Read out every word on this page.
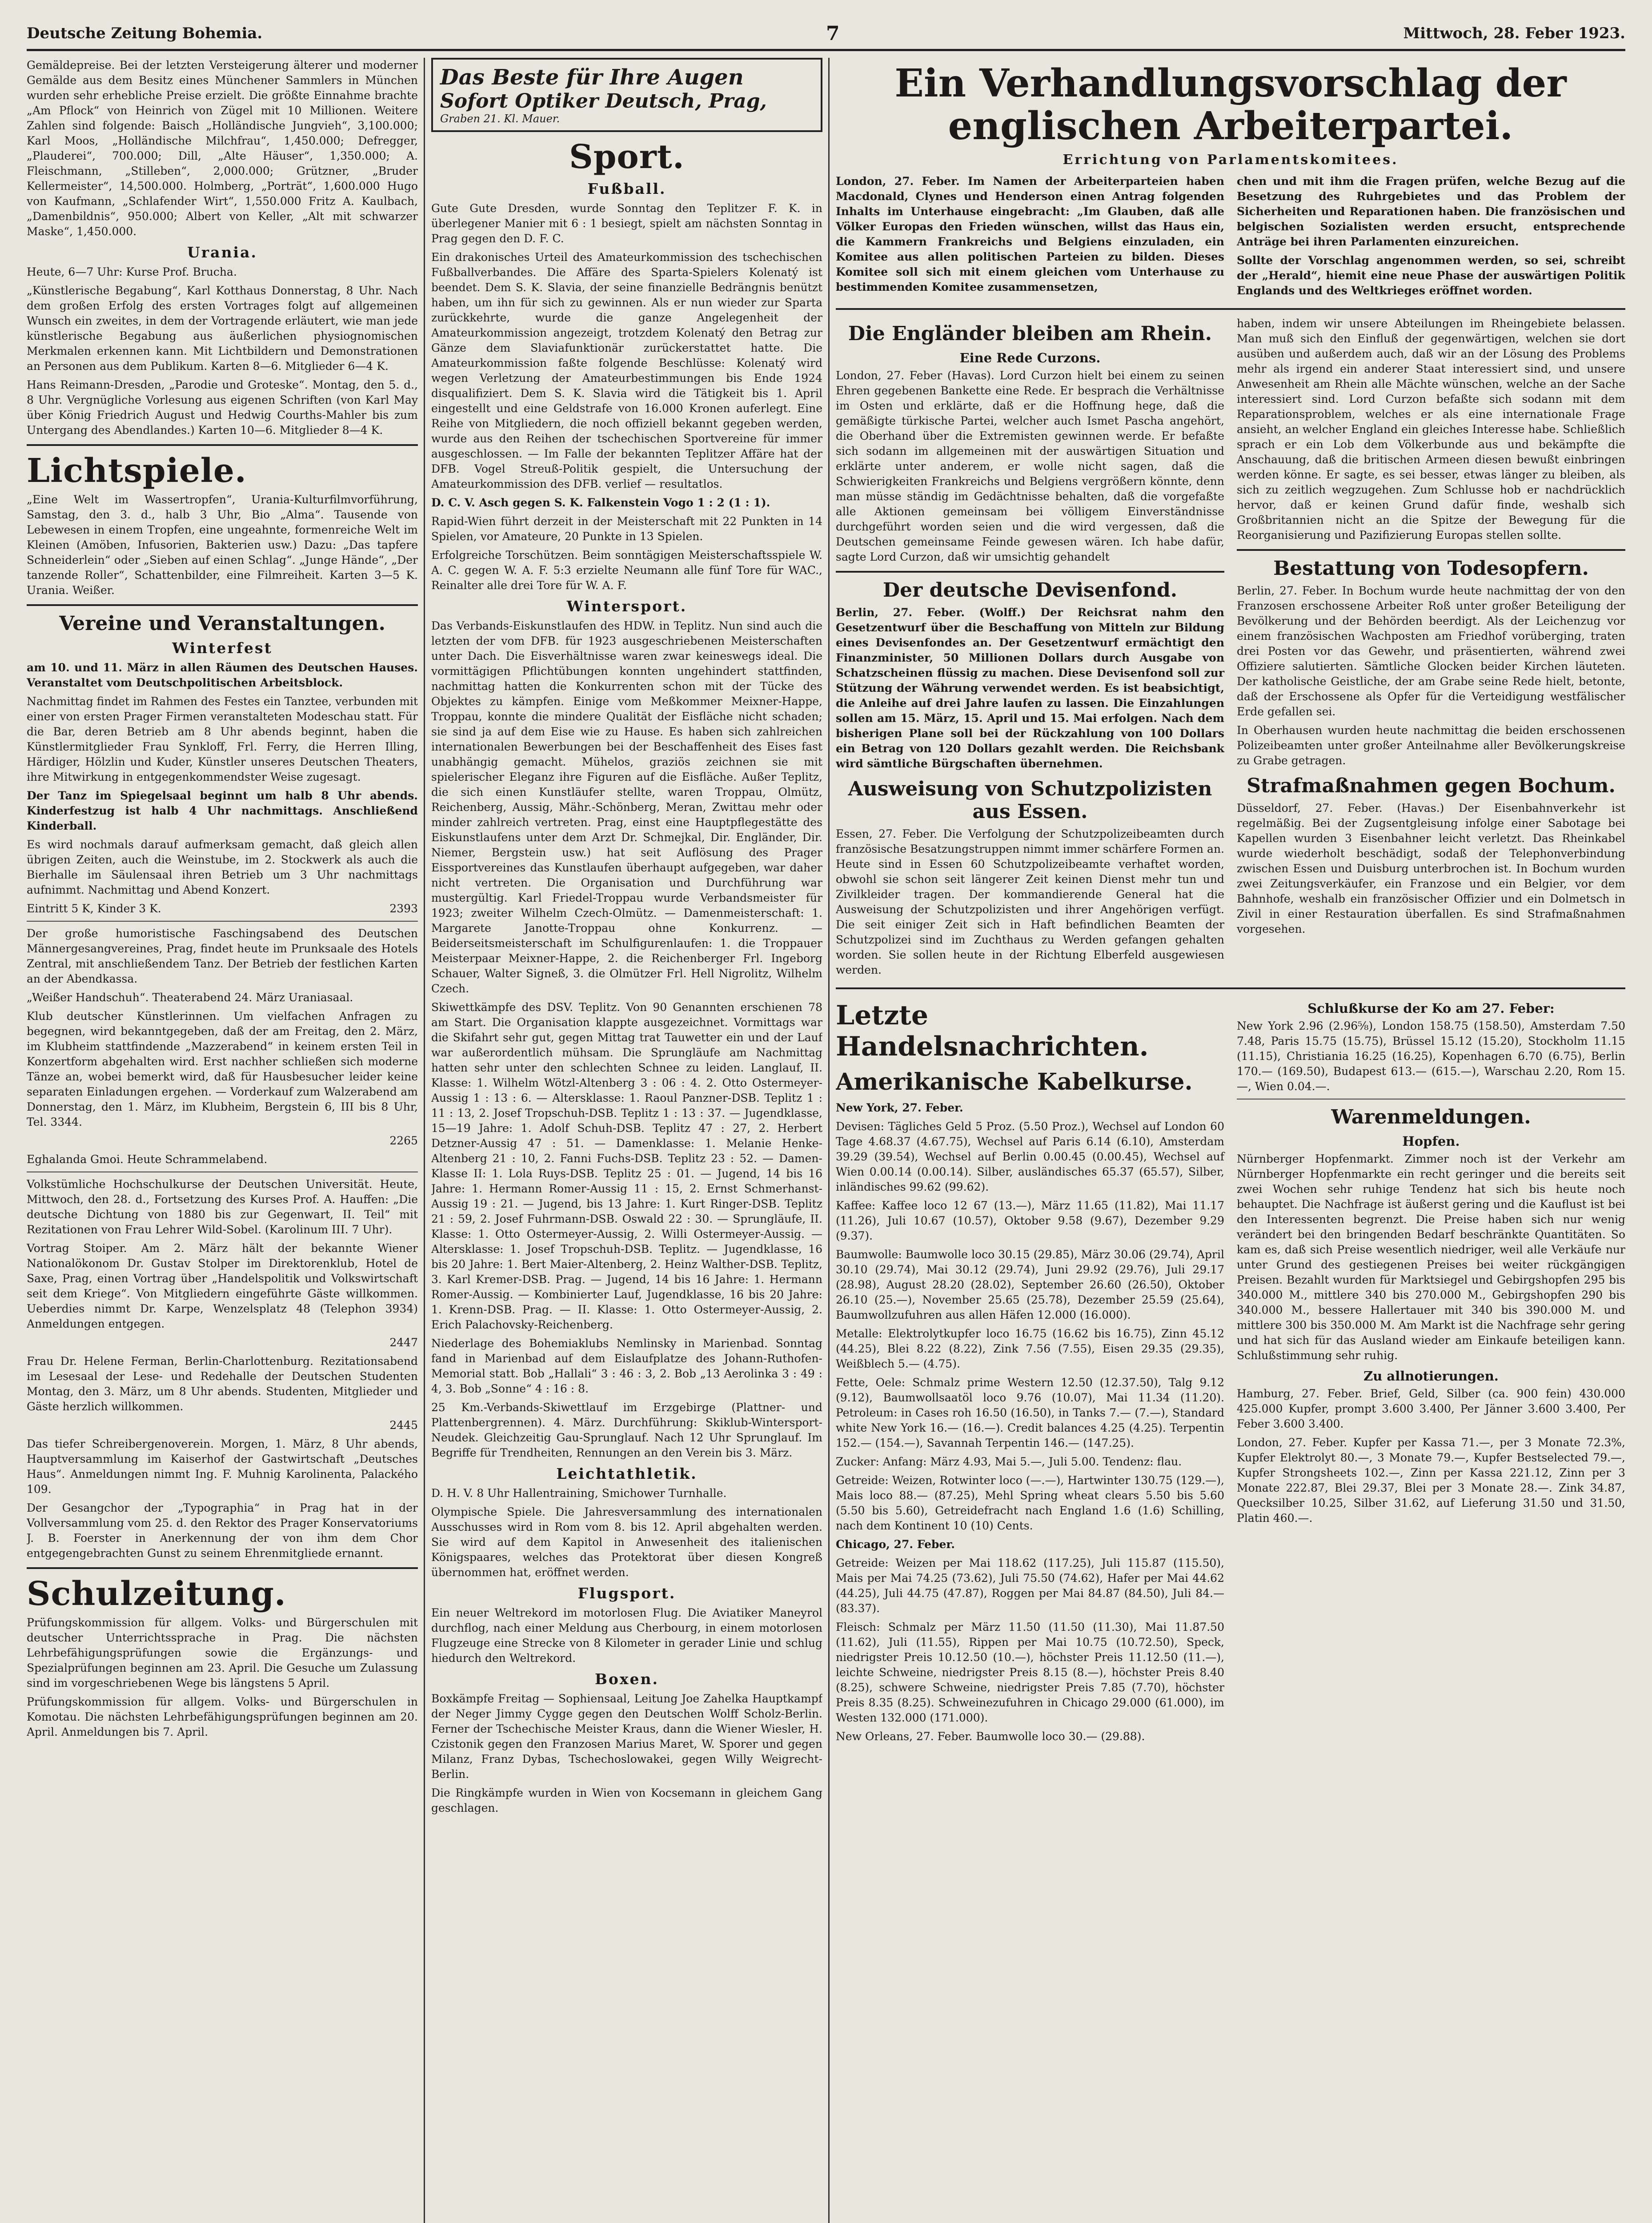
Deutsche Zeitung Bohemia.	7	Mittwoch, 28. Feber 1923.

Gemäldepreise. Bei der letzten Versteigerung älterer und moderner Gemälde aus dem Besitz eines Münchener Sammlers in München wurden sehr erhebliche Preise erzielt. Die größte Einnahme brachte „Am Pflock“ von Heinrich von Zügel mit 10 Millionen. Weitere Zahlen sind folgende: Baisch „Holländische Jungvieh“, 3,100.000; Karl Moos, „Holländische Milchfrau“, 1,450.000; Defregger, „Plauderei“, 700.000; Dill, „Alte Häuser“, 1,350.000; A. Fleischmann, „Stilleben“, 2,000.000; Grützner, „Bruder Kellermeister“, 14,500.000. Holmberg, „Porträt“, 1,600.000 Hugo von Kaufmann, „Schlafender Wirt“, 1,550.000 Fritz A. Kaulbach, „Damenbildnis“, 950.000; Albert von Keller, „Alt mit schwarzer Maske“, 1,450.000.

Urania.

Heute, 6—7 Uhr: Kurse Prof. Brucha.

„Künstlerische Begabung“, Karl Kotthaus Donnerstag, 8 Uhr. Nach dem großen Erfolg des ersten Vortrages folgt auf allgemeinen Wunsch ein zweites, in dem der Vortragende erläutert, wie man jede künstlerische Begabung aus äußerlichen physiognomischen Merkmalen erkennen kann. Mit Lichtbildern und Demonstrationen an Personen aus dem Publikum. Karten 8—6. Mitglieder 6—4 K.

Hans Reimann-Dresden, „Parodie und Groteske“. Montag, den 5. d., 8 Uhr. Vergnügliche Vorlesung aus eigenen Schriften (von Karl May über König Friedrich August und Hedwig Courths-Mahler bis zum Untergang des Abendlandes.) Karten 10—6. Mitglieder 8—4 K.

Lichtspiele.

„Eine Welt im Wassertropfen“, Urania-Kulturfilmvorführung, Samstag, den 3. d., halb 3 Uhr, Bio „Alma“. Tausende von Lebewesen in einem Tropfen, eine ungeahnte, formenreiche Welt im Kleinen (Amöben, Infusorien, Bakterien usw.) Dazu: „Das tapfere Schneiderlein“ oder „Sieben auf einen Schlag“. „Junge Hände“, „Der tanzende Roller“, Schattenbilder, eine Filmreiheit. Karten 3—5 K. Urania. Weißer.

Vereine und Veranstaltungen.
Winterfest

am 10. und 11. März in allen Räumen des Deutschen Hauses. Veranstaltet vom Deutschpolitischen Arbeitsblock.

Nachmittag findet im Rahmen des Festes ein Tanztee, verbunden mit einer von ersten Prager Firmen veranstalteten Modeschau statt. Für die Bar, deren Betrieb am 8 Uhr abends beginnt, haben die Künstlermitglieder Frau Synkloff, Frl. Ferry, die Herren Illing, Härdiger, Hölzlin und Kuder, Künstler unseres Deutschen Theaters, ihre Mitwirkung in entgegenkommendster Weise zugesagt.

Der Tanz im Spiegelsaal beginnt um halb 8 Uhr abends. Kinderfestzug ist halb 4 Uhr nachmittags. Anschließend Kinderball.

Es wird nochmals darauf aufmerksam gemacht, daß gleich allen übrigen Zeiten, auch die Weinstube, im 2. Stockwerk als auch die Bierhalle im Säulensaal ihren Betrieb um 3 Uhr nachmittags aufnimmt. Nachmittag und Abend Konzert.

Eintritt 5 K, Kinder 3 K.	2393

Der große humoristische Faschingsabend des Deutschen Männergesangvereines, Prag, findet heute im Prunksaale des Hotels Zentral, mit anschließendem Tanz. Der Betrieb der festlichen Karten an der Abendkassa.

„Weißer Handschuh“. Theaterabend 24. März Uraniasaal.

Klub deutscher Künstlerinnen. Um vielfachen Anfragen zu begegnen, wird bekanntgegeben, daß der am Freitag, den 2. März, im Klubheim stattfindende „Mazzerabend“ in keinem ersten Teil in Konzertform abgehalten wird. Erst nachher schließen sich moderne Tänze an, wobei bemerkt wird, daß für Hausbesucher leider keine separaten Einladungen ergehen. — Vorderkauf zum Walzerabend am Donnerstag, den 1. März, im Klubheim, Bergstein 6, III bis 8 Uhr, Tel. 3344.

2265

Eghalanda Gmoi. Heute Schrammelabend.

Volkstümliche Hochschulkurse der Deutschen Universität. Heute, Mittwoch, den 28. d., Fortsetzung des Kurses Prof. A. Hauffen: „Die deutsche Dichtung von 1880 bis zur Gegenwart, II. Teil“ mit Rezitationen von Frau Lehrer Wild-Sobel. (Karolinum III. 7 Uhr).

Vortrag Stoiper. Am 2. März hält der bekannte Wiener Nationalökonom Dr. Gustav Stolper im Direktorenklub, Hotel de Saxe, Prag, einen Vortrag über „Handelspolitik und Volkswirtschaft seit dem Kriege“. Von Mitgliedern eingeführte Gäste willkommen. Ueberdies nimmt Dr. Karpe, Wenzelsplatz 48 (Telephon 3934) Anmeldungen entgegen.

2447

Frau Dr. Helene Ferman, Berlin-Charlottenburg. Rezitationsabend im Lesesaal der Lese- und Redehalle der Deutschen Studenten Montag, den 3. März, um 8 Uhr abends. Studenten, Mitglieder und Gäste herzlich willkommen.

2445

Das tiefer Schreibergenoverein. Morgen, 1. März, 8 Uhr abends, Hauptversammlung im Kaiserhof der Gastwirtschaft „Deutsches Haus“. Anmeldungen nimmt Ing. F. Muhnig Karolinenta, Palackého 109.

Der Gesangchor der „Typographia“ in Prag hat in der Vollversammlung vom 25. d. den Rektor des Prager Konservatoriums J. B. Foerster in Anerkennung der von ihm dem Chor entgegengebrachten Gunst zu seinem Ehrenmitgliede ernannt.

Schulzeitung.

Prüfungskommission für allgem. Volks- und Bürgerschulen mit deutscher Unterrichtssprache in Prag. Die nächsten Lehrbefähigungsprüfungen sowie die Ergänzungs- und Spezialprüfungen beginnen am 23. April. Die Gesuche um Zulassung sind im vorgeschriebenen Wege bis längstens 5 April.

Prüfungskommission für allgem. Volks- und Bürgerschulen in Komotau. Die nächsten Lehrbefähigungsprüfungen beginnen am 20. April. Anmeldungen bis 7. April.

Das Beste für Ihre Augen
Sofort Optiker Deutsch, Prag,
Graben 21. Kl. Mauer.
Sport.
Fußball.

Gute Gute Dresden, wurde Sonntag den Teplitzer F. K. in überlegener Manier mit 6 : 1 besiegt, spielt am nächsten Sonntag in Prag gegen den D. F. C.

Ein drakonisches Urteil des Amateurkommission des tschechischen Fußballverbandes. Die Affäre des Sparta-Spielers Kolenatý ist beendet. Dem S. K. Slavia, der seine finanzielle Bedrängnis benützt haben, um ihn für sich zu gewinnen. Als er nun wieder zur Sparta zurückkehrte, wurde die ganze Angelegenheit der Amateurkommission angezeigt, trotzdem Kolenatý den Betrag zur Gänze dem Slaviafunktionär zurückerstattet hatte. Die Amateurkommission faßte folgende Beschlüsse: Kolenatý wird wegen Verletzung der Amateurbestimmungen bis Ende 1924 disqualifiziert. Dem S. K. Slavia wird die Tätigkeit bis 1. April eingestellt und eine Geldstrafe von 16.000 Kronen auferlegt. Eine Reihe von Mitgliedern, die noch offiziell bekannt gegeben werden, wurde aus den Reihen der tschechischen Sportvereine für immer ausgeschlossen. — Im Falle der bekannten Teplitzer Affäre hat der DFB. Vogel Streuß-Politik gespielt, die Untersuchung der Amateurkommission des DFB. verlief — resultatlos.

D. C. V. Asch gegen S. K. Falkenstein Vogo 1 : 2 (1 : 1).

Rapid-Wien führt derzeit in der Meisterschaft mit 22 Punkten in 14 Spielen, vor Amateure, 20 Punkte in 13 Spielen.

Erfolgreiche Torschützen. Beim sonntägigen Meisterschaftsspiele W. A. C. gegen W. A. F. 5:3 erzielte Neumann alle fünf Tore für WAC., Reinalter alle drei Tore für W. A. F.

Wintersport.

Das Verbands-Eiskunstlaufen des HDW. in Teplitz. Nun sind auch die letzten der vom DFB. für 1923 ausgeschriebenen Meisterschaften unter Dach. Die Eisverhältnisse waren zwar keineswegs ideal. Die vormittägigen Pflichtübungen konnten ungehindert stattfinden, nachmittag hatten die Konkurrenten schon mit der Tücke des Objektes zu kämpfen. Einige vom Meßkommer Meixner-Happe, Troppau, konnte die mindere Qualität der Eisfläche nicht schaden; sie sind ja auf dem Eise wie zu Hause. Es haben sich zahlreichen internationalen Bewerbungen bei der Beschaffenheit des Eises fast unabhängig gemacht. Mühelos, graziös zeichnen sie mit spielerischer Eleganz ihre Figuren auf die Eisfläche. Außer Teplitz, die sich einen Kunstläufer stellte, waren Troppau, Olmütz, Reichenberg, Aussig, Mähr.-Schönberg, Meran, Zwittau mehr oder minder zahlreich vertreten. Prag, einst eine Hauptpflegestätte des Eiskunstlaufens unter dem Arzt Dr. Schmejkal, Dir. Engländer, Dir. Niemer, Bergstein usw.) hat seit Auflösung des Prager Eissportvereines das Kunstlaufen überhaupt aufgegeben, war daher nicht vertreten. Die Organisation und Durchführung war mustergültig. Karl Friedel-Troppau wurde Verbandsmeister für 1923; zweiter Wilhelm Czech-Olmütz. — Damenmeisterschaft: 1. Margarete Janotte-Troppau ohne Konkurrenz. — Beiderseitsmeisterschaft im Schulfigurenlaufen: 1. die Troppauer Meisterpaar Meixner-Happe, 2. die Reichenberger Frl. Ingeborg Schauer, Walter Signeß, 3. die Olmützer Frl. Hell Nigrolitz, Wilhelm Czech.

Skiwettkämpfe des DSV. Teplitz. Von 90 Genannten erschienen 78 am Start. Die Organisation klappte ausgezeichnet. Vormittags war die Skifahrt sehr gut, gegen Mittag trat Tauwetter ein und der Lauf war außerordentlich mühsam. Die Sprungläufe am Nachmittag hatten sehr unter den schlechten Schnee zu leiden. Langlauf, II. Klasse: 1. Wilhelm Wötzl-Altenberg 3 : 06 : 4. 2. Otto Ostermeyer-Aussig 1 : 13 : 6. — Altersklasse: 1. Raoul Panzner-DSB. Teplitz 1 : 11 : 13, 2. Josef Tropschuh-DSB. Teplitz 1 : 13 : 37. — Jugendklasse, 15—19 Jahre: 1. Adolf Schuh-DSB. Teplitz 47 : 27, 2. Herbert Detzner-Aussig 47 : 51. — Damenklasse: 1. Melanie Henke-Altenberg 21 : 10, 2. Fanni Fuchs-DSB. Teplitz 23 : 52. — Damen-Klasse II: 1. Lola Ruys-DSB. Teplitz 25 : 01. — Jugend, 14 bis 16 Jahre: 1. Hermann Romer-Aussig 11 : 15, 2. Ernst Schmerhanst-Aussig 19 : 21. — Jugend, bis 13 Jahre: 1. Kurt Ringer-DSB. Teplitz 21 : 59, 2. Josef Fuhrmann-DSB. Oswald 22 : 30. — Sprungläufe, II. Klasse: 1. Otto Ostermeyer-Aussig, 2. Willi Ostermeyer-Aussig. — Altersklasse: 1. Josef Tropschuh-DSB. Teplitz. — Jugendklasse, 16 bis 20 Jahre: 1. Bert Maier-Altenberg, 2. Heinz Walther-DSB. Teplitz, 3. Karl Kremer-DSB. Prag. — Jugend, 14 bis 16 Jahre: 1. Hermann Romer-Aussig. — Kombinierter Lauf, Jugendklasse, 16 bis 20 Jahre: 1. Krenn-DSB. Prag. — II. Klasse: 1. Otto Ostermeyer-Aussig, 2. Erich Palachovsky-Reichenberg.

Niederlage des Bohemiaklubs Nemlinsky in Marienbad. Sonntag fand in Marienbad auf dem Eislaufplatze des Johann-Ruthofen-Memorial statt. Bob „Hallali“ 3 : 46 : 3, 2. Bob „13 Aerolinka 3 : 49 : 4, 3. Bob „Sonne“ 4 : 16 : 8.

25 Km.-Verbands-Skiwettlauf im Erzgebirge (Plattner- und Plattenbergrennen). 4. März. Durchführung: Skiklub-Wintersport-Neudek. Gleichzeitig Gau-Sprunglauf. Nach 12 Uhr Sprunglauf. Im Begriffe für Trendheiten, Rennungen an den Verein bis 3. März.

Leichtathletik.

D. H. V. 8 Uhr Hallentraining, Smichower Turnhalle.

Olympische Spiele. Die Jahresversammlung des internationalen Ausschusses wird in Rom vom 8. bis 12. April abgehalten werden. Sie wird auf dem Kapitol in Anwesenheit des italienischen Königspaares, welches das Protektorat über diesen Kongreß übernommen hat, eröffnet werden.

Flugsport.

Ein neuer Weltrekord im motorlosen Flug. Die Aviatiker Maneyrol durchflog, nach einer Meldung aus Cherbourg, in einem motorlosen Flugzeuge eine Strecke von 8 Kilometer in gerader Linie und schlug hiedurch den Weltrekord.

Boxen.

Boxkämpfe Freitag — Sophiensaal, Leitung Joe Zahelka Hauptkampf der Neger Jimmy Cygge gegen den Deutschen Wolff Scholz-Berlin. Ferner der Tschechische Meister Kraus, dann die Wiener Wiesler, H. Czistonik gegen den Franzosen Marius Maret, W. Sporer und gegen Milanz, Franz Dybas, Tschechoslowakei, gegen Willy Weigrecht-Berlin.

Die Ringkämpfe wurden in Wien von Kocsemann in gleichem Gang geschlagen.

Ein Verhandlungsvorschlag der englischen Arbeiterpartei.
Errichtung von Parlamentskomitees.

London, 27. Feber. Im Namen der Arbeiterparteien haben Macdonald, Clynes und Henderson einen Antrag folgenden Inhalts im Unterhause eingebracht: „Im Glauben, daß alle Völker Europas den Frieden wünschen, willst das Haus ein, die Kammern Frankreichs und Belgiens einzuladen, ein Komitee aus allen politischen Parteien zu bilden. Dieses Komitee soll sich mit einem gleichen vom Unterhause zu bestimmenden Komitee zusammensetzen,

chen und mit ihm die Fragen prüfen, welche Bezug auf die Besetzung des Ruhrgebietes und das Problem der Sicherheiten und Reparationen haben. Die französischen und belgischen Sozialisten werden ersucht, entsprechende Anträge bei ihren Parlamenten einzureichen.

Sollte der Vorschlag angenommen werden, so sei, schreibt der „Herald“, hiemit eine neue Phase der auswärtigen Politik Englands und des Weltkrieges eröffnet worden.

Die Engländer bleiben am Rhein.
Eine Rede Curzons.

London, 27. Feber (Havas). Lord Curzon hielt bei einem zu seinen Ehren gegebenen Bankette eine Rede. Er besprach die Verhältnisse im Osten und erklärte, daß er die Hoffnung hege, daß die gemäßigte türkische Partei, welcher auch Ismet Pascha angehört, die Oberhand über die Extremisten gewinnen werde. Er befaßte sich sodann im allgemeinen mit der auswärtigen Situation und erklärte unter anderem, er wolle nicht sagen, daß die Schwierigkeiten Frankreichs und Belgiens vergrößern könnte, denn man müsse ständig im Gedächtnisse behalten, daß die vorgefaßte alle Aktionen gemeinsam bei völligem Einverständnisse durchgeführt worden seien und die wird vergessen, daß die Deutschen gemeinsame Feinde gewesen wären. Ich habe dafür, sagte Lord Curzon, daß wir umsichtig gehandelt

Der deutsche Devisenfond.

Berlin, 27. Feber. (Wolff.) Der Reichsrat nahm den Gesetzentwurf über die Beschaffung von Mitteln zur Bildung eines Devisenfondes an. Der Gesetzentwurf ermächtigt den Finanzminister, 50 Millionen Dollars durch Ausgabe von Schatzscheinen flüssig zu machen. Diese Devisenfond soll zur Stützung der Währung verwendet werden. Es ist beabsichtigt, die Anleihe auf drei Jahre laufen zu lassen. Die Einzahlungen sollen am 15. März, 15. April und 15. Mai erfolgen. Nach dem bisherigen Plane soll bei der Rückzahlung von 100 Dollars ein Betrag von 120 Dollars gezahlt werden. Die Reichsbank wird sämtliche Bürgschaften übernehmen.

Ausweisung von Schutzpolizisten aus Essen.

Essen, 27. Feber. Die Verfolgung der Schutzpolizeibeamten durch französische Besatzungstruppen nimmt immer schärfere Formen an. Heute sind in Essen 60 Schutzpolizeibeamte verhaftet worden, obwohl sie schon seit längerer Zeit keinen Dienst mehr tun und Zivilkleider tragen. Der kommandierende General hat die Ausweisung der Schutzpolizisten und ihrer Angehörigen verfügt. Die seit einiger Zeit sich in Haft befindlichen Beamten der Schutzpolizei sind im Zuchthaus zu Werden gefangen gehalten worden. Sie sollen heute in der Richtung Elberfeld ausgewiesen werden.

haben, indem wir unsere Abteilungen im Rheingebiete belassen. Man muß sich den Einfluß der gegenwärtigen, welchen sie dort ausüben und außerdem auch, daß wir an der Lösung des Problems mehr als irgend ein anderer Staat interessiert sind, und unsere Anwesenheit am Rhein alle Mächte wünschen, welche an der Sache interessiert sind. Lord Curzon befaßte sich sodann mit dem Reparationsproblem, welches er als eine internationale Frage ansieht, an welcher England ein gleiches Interesse habe. Schließlich sprach er ein Lob dem Völkerbunde aus und bekämpfte die Anschauung, daß die britischen Armeen diesen bewußt einbringen werden könne. Er sagte, es sei besser, etwas länger zu bleiben, als sich zu zeitlich wegzugehen. Zum Schlusse hob er nachdrücklich hervor, daß er keinen Grund dafür finde, weshalb sich Großbritannien nicht an die Spitze der Bewegung für die Reorganisierung und Pazifizierung Europas stellen sollte.

Bestattung von Todesopfern.

Berlin, 27. Feber. In Bochum wurde heute nachmittag der von den Franzosen erschossene Arbeiter Roß unter großer Beteiligung der Bevölkerung und der Behörden beerdigt. Als der Leichenzug vor einem französischen Wachposten am Friedhof vorüberging, traten drei Posten vor das Gewehr, und präsentierten, während zwei Offiziere salutierten. Sämtliche Glocken beider Kirchen läuteten. Der katholische Geistliche, der am Grabe seine Rede hielt, betonte, daß der Erschossene als Opfer für die Verteidigung westfälischer Erde gefallen sei.

In Oberhausen wurden heute nachmittag die beiden erschossenen Polizeibeamten unter großer Anteilnahme aller Bevölkerungskreise zu Grabe getragen.

Strafmaßnahmen gegen Bochum.

Düsseldorf, 27. Feber. (Havas.) Der Eisenbahnverkehr ist regelmäßig. Bei der Zugsentgleisung infolge einer Sabotage bei Kapellen wurden 3 Eisenbahner leicht verletzt. Das Rheinkabel wurde wiederholt beschädigt, sodaß der Telephonverbindung zwischen Essen und Duisburg unterbrochen ist. In Bochum wurden zwei Zeitungsverkäufer, ein Franzose und ein Belgier, vor dem Bahnhofe, weshalb ein französischer Offizier und ein Dolmetsch in Zivil in einer Restauration überfallen. Es sind Strafmaßnahmen vorgesehen.

Letzte Handelsnachrichten.
Amerikanische Kabelkurse.

New York, 27. Feber.

Devisen: Tägliches Geld 5 Proz. (5.50 Proz.), Wechsel auf London 60 Tage 4.68.37 (4.67.75), Wechsel auf Paris 6.14 (6.10), Amsterdam 39.29 (39.54), Wechsel auf Berlin 0.00.45 (0.00.45), Wechsel auf Wien 0.00.14 (0.00.14). Silber, ausländisches 65.37 (65.57), Silber, inländisches 99.62 (99.62).

Kaffee: Kaffee loco 12 67 (13.—), März 11.65 (11.82), Mai 11.17 (11.26), Juli 10.67 (10.57), Oktober 9.58 (9.67), Dezember 9.29 (9.37).

Baumwolle: Baumwolle loco 30.15 (29.85), März 30.06 (29.74), April 30.10 (29.74), Mai 30.12 (29.74), Juni 29.92 (29.76), Juli 29.17 (28.98), August 28.20 (28.02), September 26.60 (26.50), Oktober 26.10 (25.—), November 25.65 (25.78), Dezember 25.59 (25.64), Baumwollzufuhren aus allen Häfen 12.000 (16.000).

Metalle: Elektrolytkupfer loco 16.75 (16.62 bis 16.75), Zinn 45.12 (44.25), Blei 8.22 (8.22), Zink 7.56 (7.55), Eisen 29.35 (29.35), Weißblech 5.— (4.75).

Fette, Oele: Schmalz prime Western 12.50 (12.37.50), Talg 9.12 (9.12), Baumwollsaatöl loco 9.76 (10.07), Mai 11.34 (11.20). Petroleum: in Cases roh 16.50 (16.50), in Tanks 7.— (7.—), Standard white New York 16.— (16.—). Credit balances 4.25 (4.25). Terpentin 152.— (154.—), Savannah Terpentin 146.— (147.25).

Zucker: Anfang: März 4.93, Mai 5.—, Juli 5.00. Tendenz: flau.

Getreide: Weizen, Rotwinter loco (—.—), Hartwinter 130.75 (129.—), Mais loco 88.— (87.25), Mehl Spring wheat clears 5.50 bis 5.60 (5.50 bis 5.60), Getreidefracht nach England 1.6 (1.6) Schilling, nach dem Kontinent 10 (10) Cents.

Chicago, 27. Feber.

Getreide: Weizen per Mai 118.62 (117.25), Juli 115.87 (115.50), Mais per Mai 74.25 (73.62), Juli 75.50 (74.62), Hafer per Mai 44.62 (44.25), Juli 44.75 (47.87), Roggen per Mai 84.87 (84.50), Juli 84.— (83.37).

Fleisch: Schmalz per März 11.50 (11.50 (11.30), Mai 11.87.50 (11.62), Juli (11.55), Rippen per Mai 10.75 (10.72.50), Speck, niedrigster Preis 10.12.50 (10.—), höchster Preis 11.12.50 (11.—), leichte Schweine, niedrigster Preis 8.15 (8.—), höchster Preis 8.40 (8.25), schwere Schweine, niedrigster Preis 7.85 (7.70), höchster Preis 8.35 (8.25). Schweinezufuhren in Chicago 29.000 (61.000), im Westen 132.000 (171.000).

New Orleans, 27. Feber. Baumwolle loco 30.— (29.88).

Schlußkurse der Ko am 27. Feber:

New York 2.96 (2.96⅝), London 158.75 (158.50), Amsterdam 7.50 7.48, Paris 15.75 (15.75), Brüssel 15.12 (15.20), Stockholm 11.15 (11.15), Christiania 16.25 (16.25), Kopenhagen 6.70 (6.75), Berlin 170.— (169.50), Budapest 613.— (615.—), Warschau 2.20, Rom 15.—, Wien 0.04.—.

Warenmeldungen.
Hopfen.

Nürnberger Hopfenmarkt. Zimmer noch ist der Verkehr am Nürnberger Hopfenmarkte ein recht geringer und die bereits seit zwei Wochen sehr ruhige Tendenz hat sich bis heute noch behauptet. Die Nachfrage ist äußerst gering und die Kauflust ist bei den Interessenten begrenzt. Die Preise haben sich nur wenig verändert bei den bringenden Bedarf beschränkte Quantitäten. So kam es, daß sich Preise wesentlich niedriger, weil alle Verkäufe nur unter Grund des gestiegenen Preises bei weiter rückgängigen Preisen. Bezahlt wurden für Marktsiegel und Gebirgshopfen 295 bis 340.000 M., mittlere 340 bis 270.000 M., Gebirgshopfen 290 bis 340.000 M., bessere Hallertauer mit 340 bis 390.000 M. und mittlere 300 bis 350.000 M. Am Markt ist die Nachfrage sehr gering und hat sich für das Ausland wieder am Einkaufe beteiligen kann. Schlußstimmung sehr ruhig.

Zu allnotierungen.

Hamburg, 27. Feber. Brief, Geld, Silber (ca. 900 fein) 430.000 425.000 Kupfer, prompt 3.600 3.400, Per Jänner 3.600 3.400, Per Feber 3.600 3.400.

London, 27. Feber. Kupfer per Kassa 71.—, per 3 Monate 72.3%, Kupfer Elektrolyt 80.—, 3 Monate 79.—, Kupfer Bestselected 79.—, Kupfer Strongsheets 102.—, Zinn per Kassa 221.12, Zinn per 3 Monate 222.87, Blei 29.37, Blei per 3 Monate 28.—. Zink 34.87, Quecksilber 10.25, Silber 31.62, auf Lieferung 31.50 und 31.50, Platin 460.—.
